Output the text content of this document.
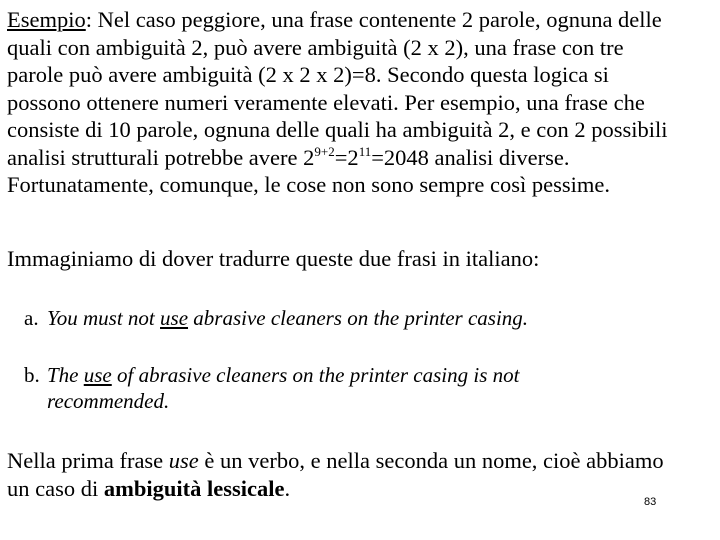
Esempio: Nel caso peggiore, una frase contenente 2 parole, ognuna delle
quali con ambiguità 2, può avere ambiguità (2 x 2), una frase con tre
parole può avere ambiguità (2 x 2 x 2)=8. Secondo questa logica si
possono ottenere numeri veramente elevati. Per esempio, una frase che
consiste di 10 parole, ognuna delle quali ha ambiguità 2, e con 2 possibili
analisi strutturali potrebbe avere $2^{9+2}=2^{11}=2048$ analisi diverse.
Fortunatamente, comunque, le cose non sono sempre così pessime.
Immaginiamo di dover tradurre queste due frasi in italiano:
a. You must not use abrasive cleaners on the printer casing.
b. The use of abrasive cleaners on the printer casing is not
recommended.
Nella prima frase use è un verbo, e nella seconda un nome, cioè abbiamo
un caso di ambiguità lessicale.
83
